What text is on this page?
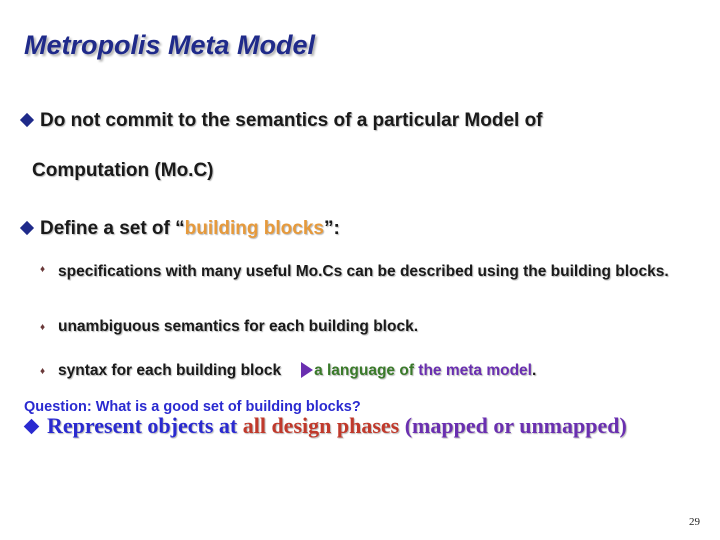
Metropolis Meta Model
Do not commit to the semantics of a particular Model of
Computation (Mo.C)
Define a set of “building blocks”:
♦ specifications with many useful Mo.Cs can be described using the building blocks.
♦ unambiguous semantics for each building block.
♦ syntax for each building block a language of the meta model.
Question: What is a good set of building blocks?
Represent objects at all design phases (mapped or unmapped)
29
